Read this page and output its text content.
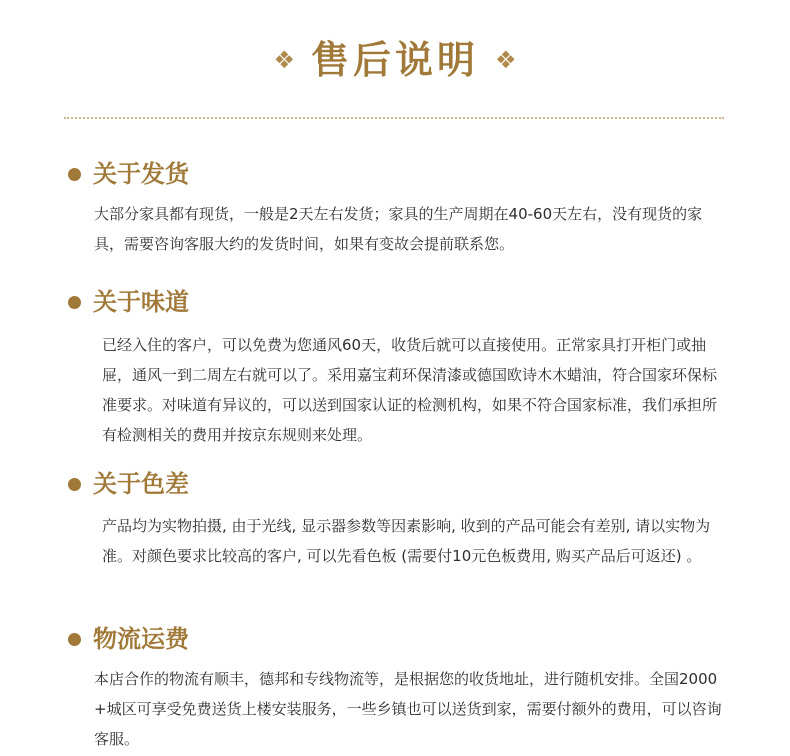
❖ 售后说明 ❖
关于发货

大部分家具都有现货，一般是2天左右发货；家具的生产周期在40-60天左右，没有现货的家具，需要咨询客服大约的发货时间，如果有变故会提前联系您。

关于味道

已经入住的客户，可以免费为您通风60天，收货后就可以直接使用。正常家具打开柜门或抽屉，通风一到二周左右就可以了。采用嘉宝莉环保清漆或德国欧诗木木蜡油，符合国家环保标准要求。对味道有异议的，可以送到国家认证的检测机构，如果不符合国家标准，我们承担所有检测相关的费用并按京东规则来处理。

关于色差

产品均为实物拍摄, 由于光线, 显示器参数等因素影响, 收到的产品可能会有差别, 请以实物为准。对颜色要求比较高的客户, 可以先看色板 (需要付10元色板费用, 购买产品后可返还) 。

物流运费

本店合作的物流有顺丰，德邦和专线物流等，是根据您的收货地址，进行随机安排。全国2000+城区可享受免费送货上楼安装服务，一些乡镇也可以送货到家，需要付额外的费用，可以咨询客服。
